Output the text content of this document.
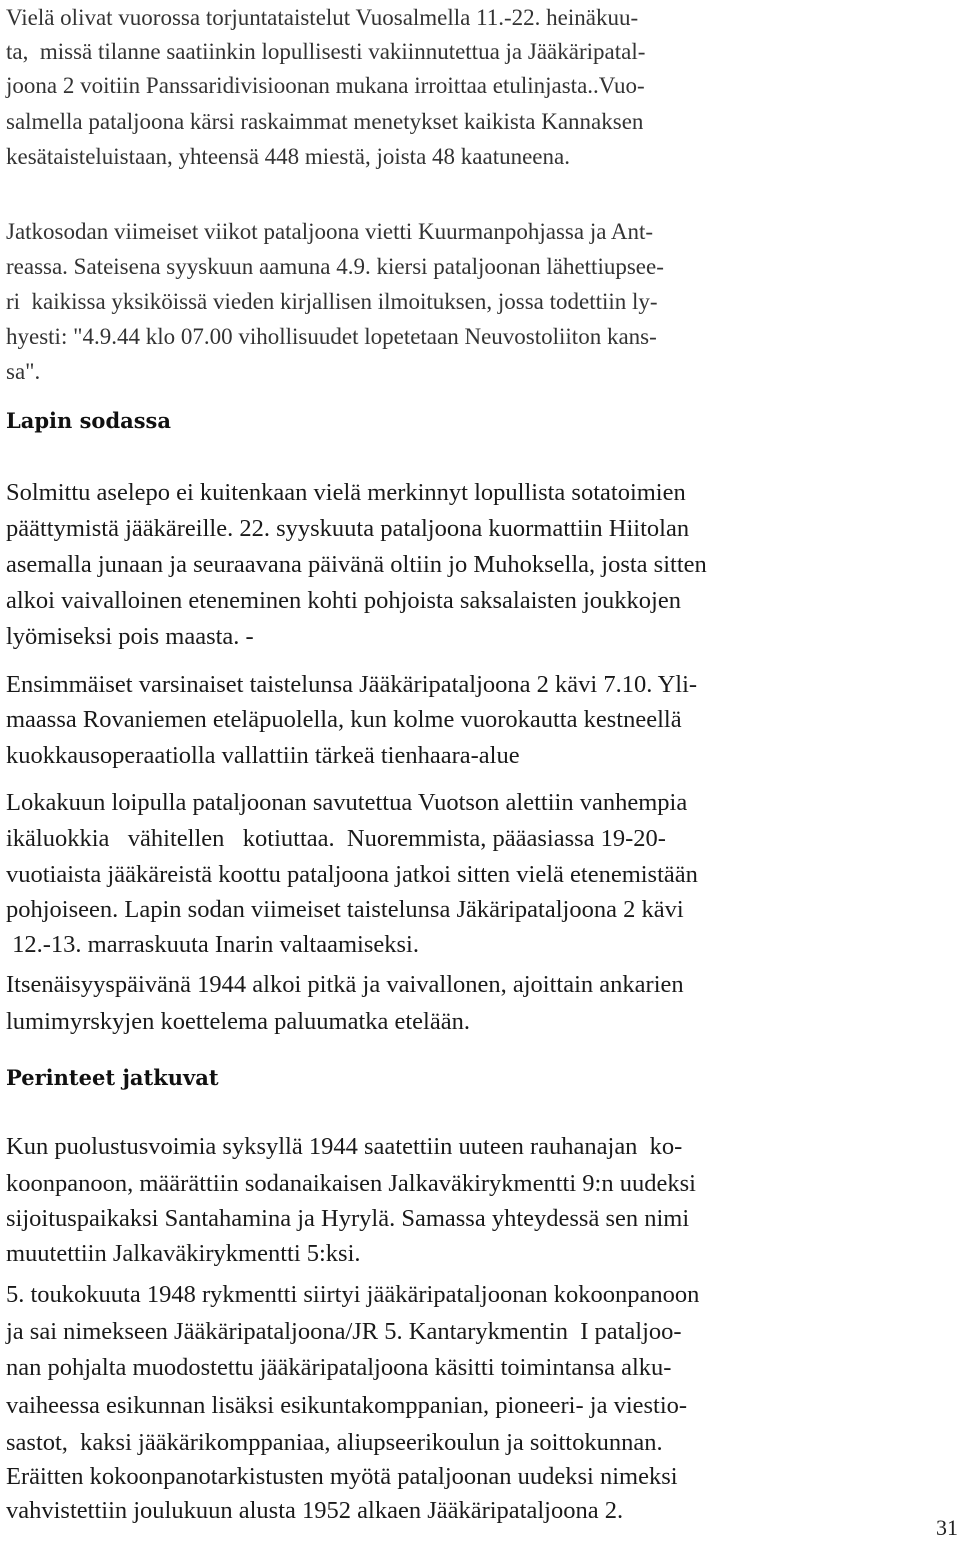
Vielä olivat vuorossa torjuntataistelut Vuosalmella 11.-22. heinäkuu-

ta,  missä tilanne saatiinkin lopullisesti vakiinnutettua ja Jääkäripatal-

joona 2 voitiin Panssaridivisioonan mukana irroittaa etulinjasta..Vuo-

salmella pataljoona kärsi raskaimmat menetykset kaikista Kannaksen

kesätaisteluistaan, yhteensä 448 miestä, joista 48 kaatuneena.

Jatkosodan viimeiset viikot pataljoona vietti Kuurmanpohjassa ja Ant-

reassa. Sateisena syyskuun aamuna 4.9. kiersi pataljoonan lähettiupsee-

ri  kaikissa yksiköissä vieden kirjallisen ilmoituksen, jossa todettiin ly-

hyesti: "4.9.44 klo 07.00 vihollisuudet lopetetaan Neuvostoliiton kans-

sa".

Lapin sodassa

Solmittu aselepo ei kuitenkaan vielä merkinnyt lopullista sotatoimien

päättymistä jääkäreille. 22. syyskuuta pataljoona kuormattiin Hiitolan

asemalla junaan ja seuraavana päivänä oltiin jo Muhoksella, josta sitten

alkoi vaivalloinen eteneminen kohti pohjoista saksalaisten joukkojen

lyömiseksi pois maasta. -

Ensimmäiset varsinaiset taistelunsa Jääkäripataljoona 2 kävi 7.10. Yli-

maassa Rovaniemen eteläpuolella, kun kolme vuorokautta kestneellä

kuokkausoperaatiolla vallattiin tärkeä tienhaara-alue

Lokakuun loipulla pataljoonan savutettua Vuotson alettiin vanhempia

ikäluokkia   vähitellen   kotiuttaa.  Nuoremmista, pääasiassa 19-20-

vuotiaista jääkäreistä koottu pataljoona jatkoi sitten vielä etenemistään

pohjoiseen. Lapin sodan viimeiset taistelunsa Jäkäripataljoona 2 kävi

12.-13. marraskuuta Inarin valtaamiseksi.

Itsenäisyyspäivänä 1944 alkoi pitkä ja vaivallonen, ajoittain ankarien

lumimyrskyjen koettelema paluumatka etelään.

Perinteet jatkuvat

Kun puolustusvoimia syksyllä 1944 saatettiin uuteen rauhanajan  ko-

koonpanoon, määrättiin sodanaikaisen Jalkaväkirykmentti 9:n uudeksi

sijoituspaikaksi Santahamina ja Hyrylä. Samassa yhteydessä sen nimi

muutettiin Jalkaväkirykmentti 5:ksi.

5. toukokuuta 1948 rykmentti siirtyi jääkäripataljoonan kokoonpanoon

ja sai nimekseen Jääkäripataljoona/JR 5. Kantarykmentin  I pataljoo-

nan pohjalta muodostettu jääkäripataljoona käsitti toimintansa alku-

vaiheessa esikunnan lisäksi esikuntakomppanian, pioneeri- ja viestio-

sastot,  kaksi jääkärikomppaniaa, aliupseerikoulun ja soittokunnan.

Eräitten kokoonpanotarkistusten myötä pataljoonan uudeksi nimeksi

vahvistettiin joulukuun alusta 1952 alkaen Jääkäripataljoona 2.

31
